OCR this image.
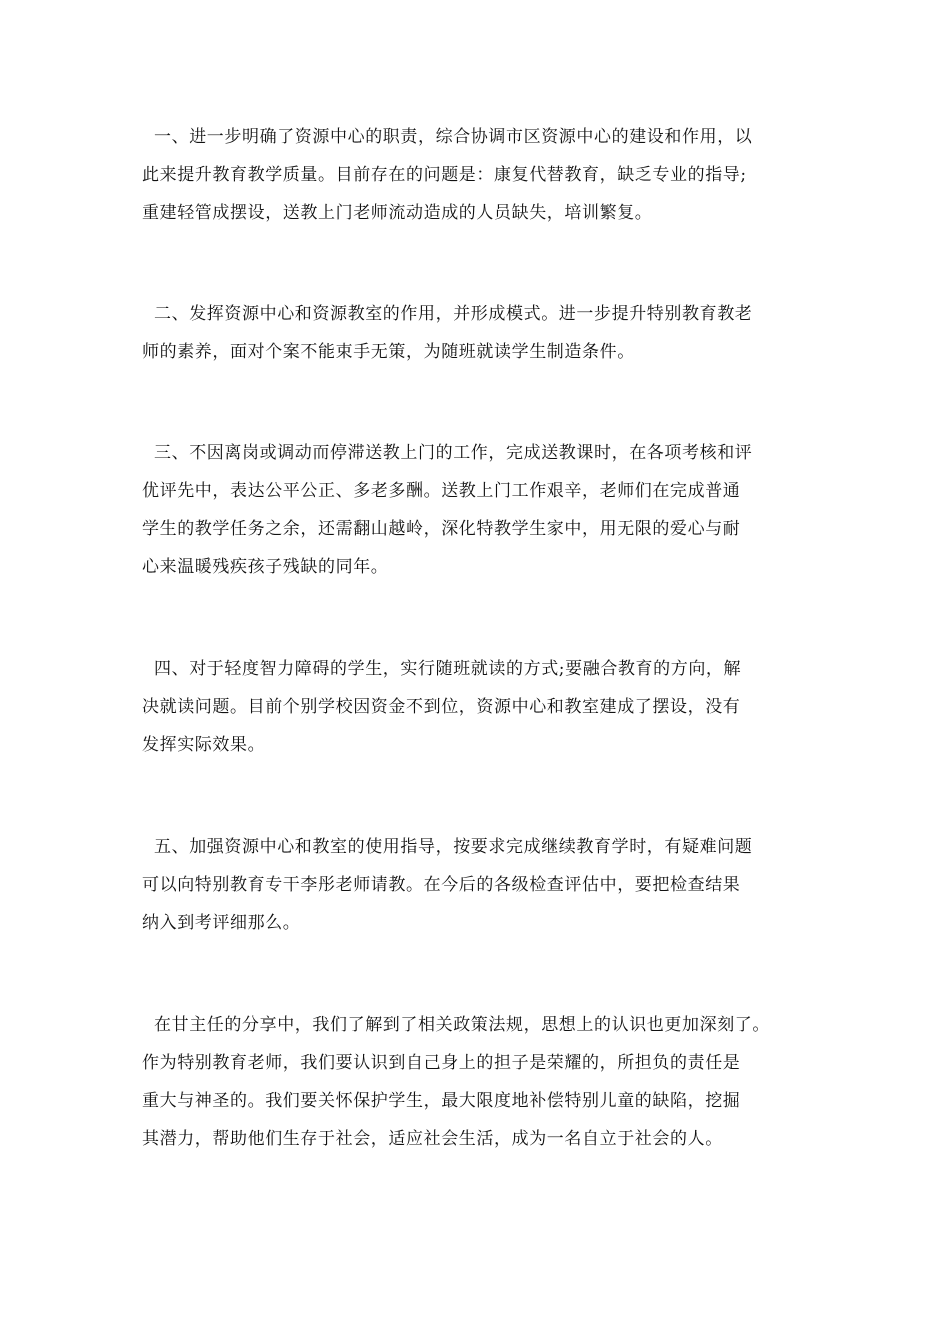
一、进一步明确了资源中心的职责，综合协调市区资源中心的建设和作用，以
此来提升教育教学质量。目前存在的问题是：康复代替教育，缺乏专业的指导;
重建轻管成摆设，送教上门老师流动造成的人员缺失，培训繁复。
二、发挥资源中心和资源教室的作用，并形成模式。进一步提升特别教育教老
师的素养，面对个案不能束手无策，为随班就读学生制造条件。
三、不因离岗或调动而停滞送教上门的工作，完成送教课时，在各项考核和评
优评先中，表达公平公正、多老多酬。送教上门工作艰辛，老师们在完成普通
学生的教学任务之余，还需翻山越岭，深化特教学生家中，用无限的爱心与耐
心来温暖残疾孩子残缺的同年。
四、对于轻度智力障碍的学生，实行随班就读的方式;要融合教育的方向，解
决就读问题。目前个别学校因资金不到位，资源中心和教室建成了摆设，没有
发挥实际效果。
五、加强资源中心和教室的使用指导，按要求完成继续教育学时，有疑难问题
可以向特别教育专干李彤老师请教。在今后的各级检查评估中，要把检查结果
纳入到考评细那么。
在甘主任的分享中，我们了解到了相关政策法规，思想上的认识也更加深刻了。
作为特别教育老师，我们要认识到自己身上的担子是荣耀的，所担负的责任是
重大与神圣的。我们要关怀保护学生，最大限度地补偿特别儿童的缺陷，挖掘
其潜力，帮助他们生存于社会，适应社会生活，成为一名自立于社会的人。
